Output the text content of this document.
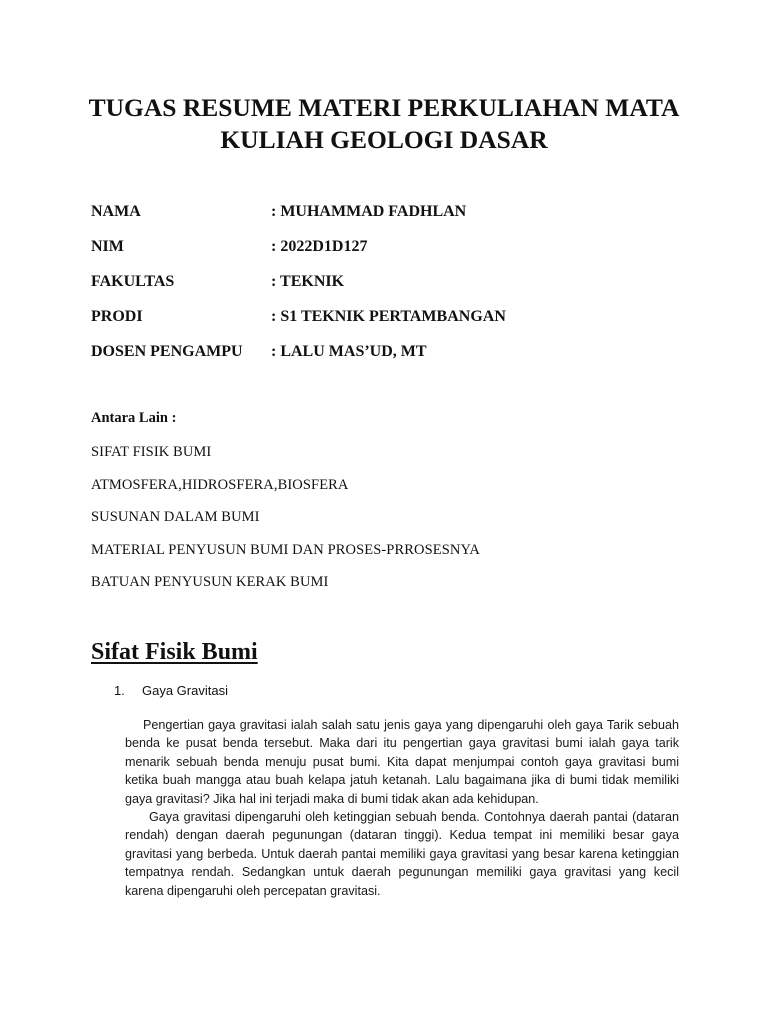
TUGAS RESUME MATERI PERKULIAHAN MATA
KULIAH GEOLOGI DASAR
NAMA	: MUHAMMAD FADHLAN
NIM	: 2022D1D127
FAKULTAS	: TEKNIK
PRODI	: S1 TEKNIK PERTAMBANGAN
DOSEN PENGAMPU : LALU MAS’UD, MT
Antara Lain :
SIFAT FISIK BUMI
ATMOSFERA,HIDROSFERA,BIOSFERA
SUSUNAN DALAM BUMI
MATERIAL PENYUSUN BUMI DAN PROSES-PRROSESNYA
BATUAN PENYUSUN KERAK BUMI
Sifat Fisik Bumi
1. Gaya Gravitasi

Pengertian gaya gravitasi ialah salah satu jenis gaya yang dipengaruhi oleh gaya Tarik sebuah benda ke pusat benda tersebut. Maka dari itu pengertian gaya gravitasi bumi ialah gaya tarik menarik sebuah benda menuju pusat bumi. Kita dapat menjumpai contoh gaya gravitasi bumi ketika buah mangga atau buah kelapa jatuh ketanah. Lalu bagaimana jika di bumi tidak memiliki gaya gravitasi? Jika hal ini terjadi maka di bumi tidak akan ada kehidupan.

Gaya gravitasi dipengaruhi oleh ketinggian sebuah benda. Contohnya daerah pantai (dataran rendah) dengan daerah pegunungan (dataran tinggi). Kedua tempat ini memiliki besar gaya gravitasi yang berbeda. Untuk daerah pantai memiliki gaya gravitasi yang besar karena ketinggian tempatnya rendah. Sedangkan untuk daerah pegunungan memiliki gaya gravitasi yang kecil karena dipengaruhi oleh percepatan gravitasi.
